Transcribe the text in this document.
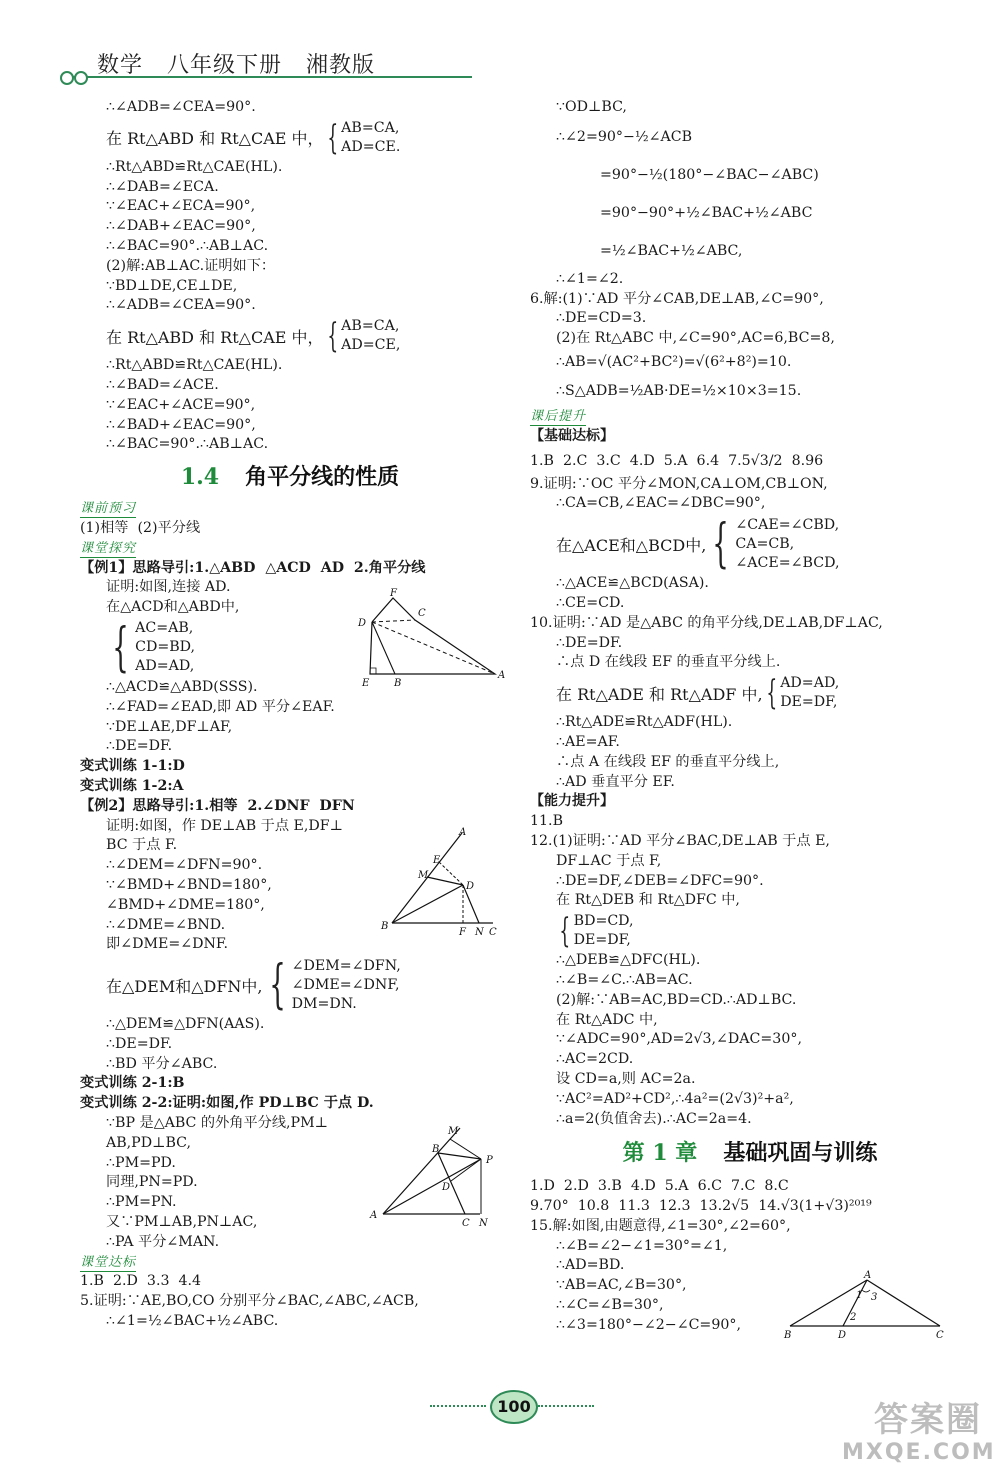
数学   八年级下册   湘教版
∴∠ADB=∠CEA=90°.
在 Rt△ABD 和 Rt△CAE 中， { AB=CA,
AD=CE.
∴Rt△ABD≌Rt△CAE(HL).
∴∠DAB=∠ECA.
∵∠EAC+∠ECA=90°,
∴∠DAB+∠EAC=90°,
∴∠BAC=90°.∴AB⊥AC.
(2)解:AB⊥AC.证明如下：
∵BD⊥DE,CE⊥DE,
∴∠ADB=∠CEA=90°.
在 Rt△ABD 和 Rt△CAE 中， { AB=CA,
AD=CE,
∴Rt△ABD≌Rt△CAE(HL).
∴∠BAD=∠ACE.
∵∠EAC+∠ACE=90°,
∴∠BAD+∠EAC=90°,
∴∠BAC=90°.∴AB⊥AC.
1.4 角平分线的性质
课前预习
(1)相等  (2)平分线
课堂探究
【例1】思路导引:1.△ABD  △ACD  AD  2.角平分线
证明:如图,连接 AD.
在△ACD和△ABD中,
{ AC=AB,
CD=BD,
AD=AD,
∴△ACD≌△ABD(SSS).
∴∠FAD=∠EAD,即 AD 平分∠EAF.
∵DE⊥AE,DF⊥AF,
∴DE=DF.
变式训练 1-1:D
变式训练 1-2:A
【例2】思路导引:1.相等  2.∠DNF  DFN
证明:如图，作 DE⊥AB 于点 E,DF⊥
BC 于点 F.
∴∠DEM=∠DFN=90°.
∵∠BMD+∠BND=180°,
∠BMD+∠DME=180°,
∴∠DME=∠BND.
即∠DME=∠DNF.
在△DEM和△DFN中, { ∠DEM=∠DFN,
∠DME=∠DNF,
DM=DN.
∴△DEM≌△DFN(AAS).
∴DE=DF.
∴BD 平分∠ABC.
变式训练 2-1:B
变式训练 2-2:证明:如图,作 PD⊥BC 于点 D.
∵BP 是△ABC 的外角平分线,PM⊥
AB,PD⊥BC,
∴PM=PD.
同理,PN=PD.
∴PM=PN.
又∵PM⊥AB,PN⊥AC,
∴PA 平分∠MAN.
课堂达标
1.B  2.D  3.3  4.4
5.证明:∵AE,BO,CO 分别平分∠BAC,∠ABC,∠ACB,
∴∠1=½∠BAC+½∠ABC.
F
C
D
E B
A
A
E
M
D
B
F N C
M
B
P
D
A
C N
∵OD⊥BC,
∴∠2=90°−½∠ACB
=90°−½(180°−∠BAC−∠ABC)
=90°−90°+½∠BAC+½∠ABC
=½∠BAC+½∠ABC,
∴∠1=∠2.
6.解:(1)∵AD 平分∠CAB,DE⊥AB,∠C=90°,
∴DE=CD=3.
(2)在 Rt△ABC 中,∠C=90°,AC=6,BC=8,
∴AB=√(AC²+BC²)=√(6²+8²)=10.
∴S△ADB=½AB·DE=½×10×3=15.
课后提升
【基础达标】
1.B  2.C  3.C  4.D  5.A  6.4  7.5√3/2  8.96
9.证明:∵OC 平分∠MON,CA⊥OM,CB⊥ON,
∴CA=CB,∠EAC=∠DBC=90°,
在△ACE和△BCD中, { ∠CAE=∠CBD,
CA=CB,
∠ACE=∠BCD,
∴△ACE≌△BCD(ASA).
∴CE=CD.
10.证明:∵AD 是△ABC 的角平分线,DE⊥AB,DF⊥AC,
∴DE=DF.
∴点 D 在线段 EF 的垂直平分线上.
在 Rt△ADE 和 Rt△ADF 中, { AD=AD,
DE=DF,
∴Rt△ADE≌Rt△ADF(HL).
∴AE=AF.
∴点 A 在线段 EF 的垂直平分线上,
∴AD 垂直平分 EF.
【能力提升】
11.B
12.(1)证明:∵AD 平分∠BAC,DE⊥AB 于点 E,
DF⊥AC 于点 F,
∴DE=DF,∠DEB=∠DFC=90°.
在 Rt△DEB 和 Rt△DFC 中,
{ BD=CD,
DE=DF,
∴△DEB≌△DFC(HL).
∴∠B=∠C.∴AB=AC.
(2)解:∵AB=AC,BD=CD.∴AD⊥BC.
在 Rt△ADC 中,
∵∠ADC=90°,AD=2√3,∠DAC=30°,
∴AC=2CD.
设 CD=a,则 AC=2a.
∵AC²=AD²+CD²,∴4a²=(2√3)²+a²,
∴a=2(负值舍去).∴AC=2a=4.
第 1 章 基础巩固与训练
1.D  2.D  3.B  4.D  5.A  6.C  7.C  8.C
9.70°  10.8  11.3  12.3  13.2√5  14.√3(1+√3)²⁰¹⁹
15.解:如图,由题意得,∠1=30°,∠2=60°,
∴∠B=∠2−∠1=30°=∠1,
∴AD=BD.
∵AB=AC,∠B=30°,
∴∠C=∠B=30°,
∴∠3=180°−∠2−∠C=90°,
A
1 3
2
B	D	C
100	答案圈
MXQE.COM
